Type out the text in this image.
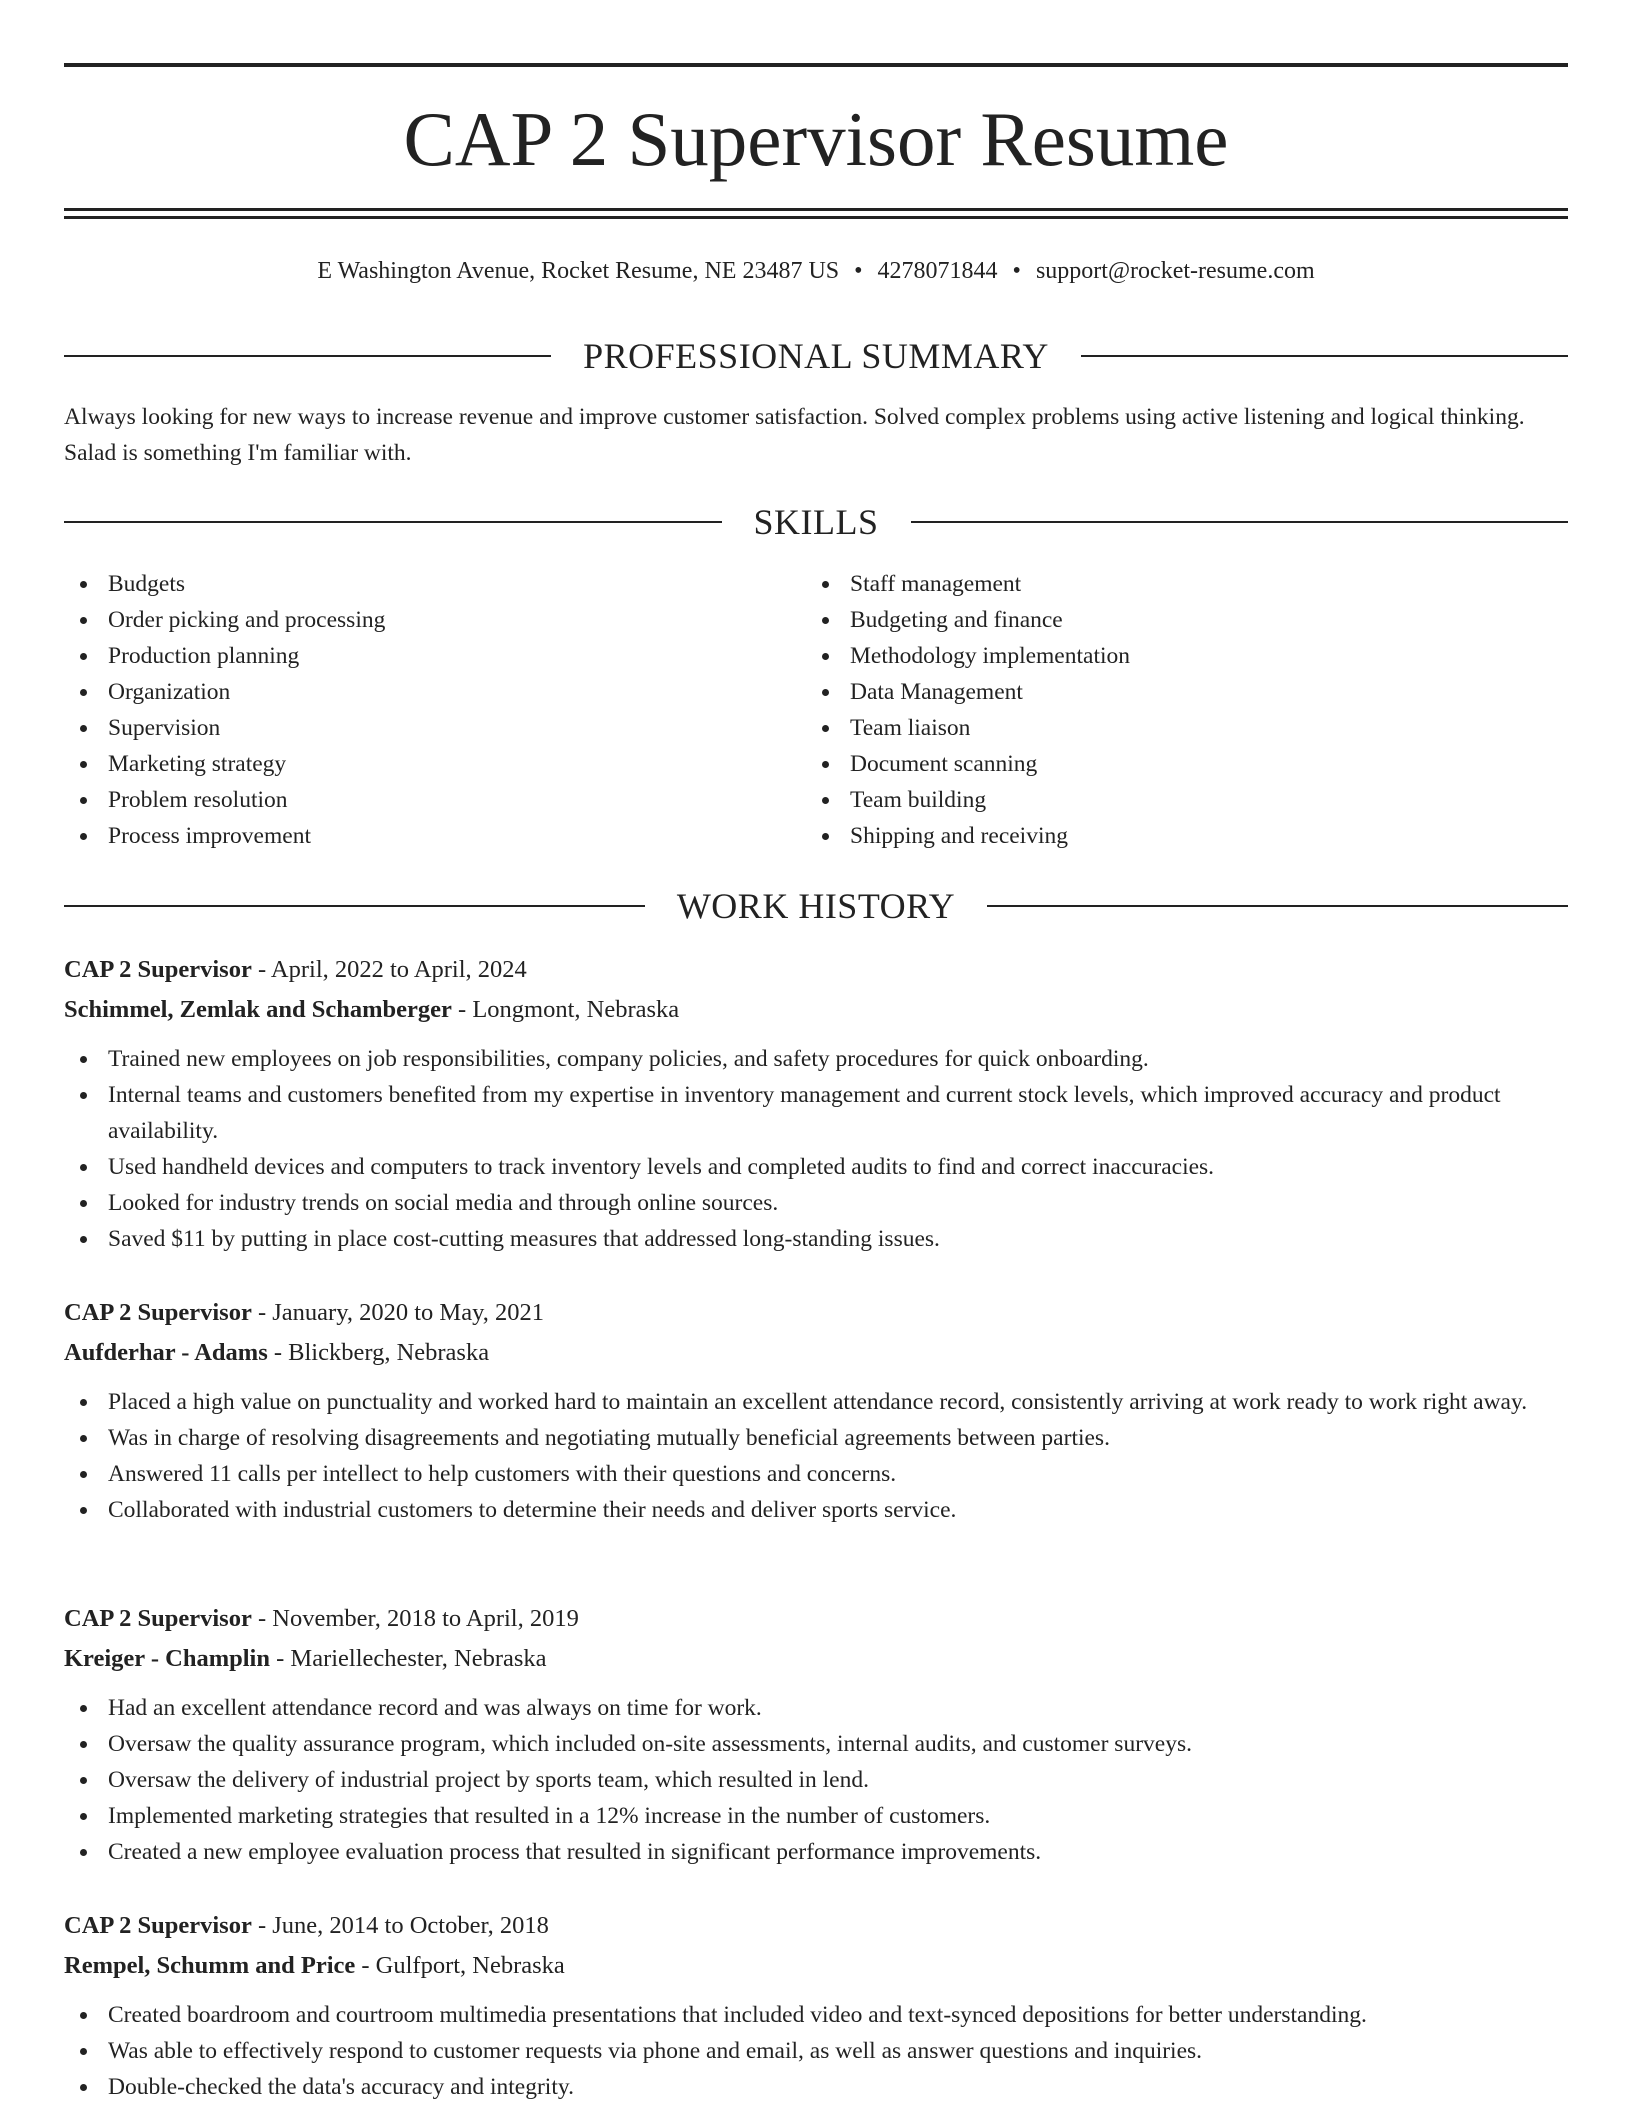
CAP 2 Supervisor Resume
E Washington Avenue, Rocket Resume, NE 23487 US • 4278071844 • support@rocket-resume.com
PROFESSIONAL SUMMARY

Always looking for new ways to increase revenue and improve customer satisfaction. Solved complex problems using active listening and logical thinking. Salad is something I'm familiar with.

SKILLS
Budgets
Order picking and processing
Production planning
Organization
Supervision
Marketing strategy
Problem resolution
Process improvement
Staff management
Budgeting and finance
Methodology implementation
Data Management
Team liaison
Document scanning
Team building
Shipping and receiving
WORK HISTORY
CAP 2 Supervisor - April, 2022 to April, 2024
Schimmel, Zemlak and Schamberger - Longmont, Nebraska
Trained new employees on job responsibilities, company policies, and safety procedures for quick onboarding.
Internal teams and customers benefited from my expertise in inventory management and current stock levels, which improved accuracy and product availability.
Used handheld devices and computers to track inventory levels and completed audits to find and correct inaccuracies.
Looked for industry trends on social media and through online sources.
Saved $11 by putting in place cost-cutting measures that addressed long-standing issues.
CAP 2 Supervisor - January, 2020 to May, 2021
Aufderhar - Adams - Blickberg, Nebraska
Placed a high value on punctuality and worked hard to maintain an excellent attendance record, consistently arriving at work ready to work right away.
Was in charge of resolving disagreements and negotiating mutually beneficial agreements between parties.
Answered 11 calls per intellect to help customers with their questions and concerns.
Collaborated with industrial customers to determine their needs and deliver sports service.
CAP 2 Supervisor - November, 2018 to April, 2019
Kreiger - Champlin - Mariellechester, Nebraska
Had an excellent attendance record and was always on time for work.
Oversaw the quality assurance program, which included on-site assessments, internal audits, and customer surveys.
Oversaw the delivery of industrial project by sports team, which resulted in lend.
Implemented marketing strategies that resulted in a 12% increase in the number of customers.
Created a new employee evaluation process that resulted in significant performance improvements.
CAP 2 Supervisor - June, 2014 to October, 2018
Rempel, Schumm and Price - Gulfport, Nebraska
Created boardroom and courtroom multimedia presentations that included video and text-synced depositions for better understanding.
Was able to effectively respond to customer requests via phone and email, as well as answer questions and inquiries.
Double-checked the data's accuracy and integrity.
